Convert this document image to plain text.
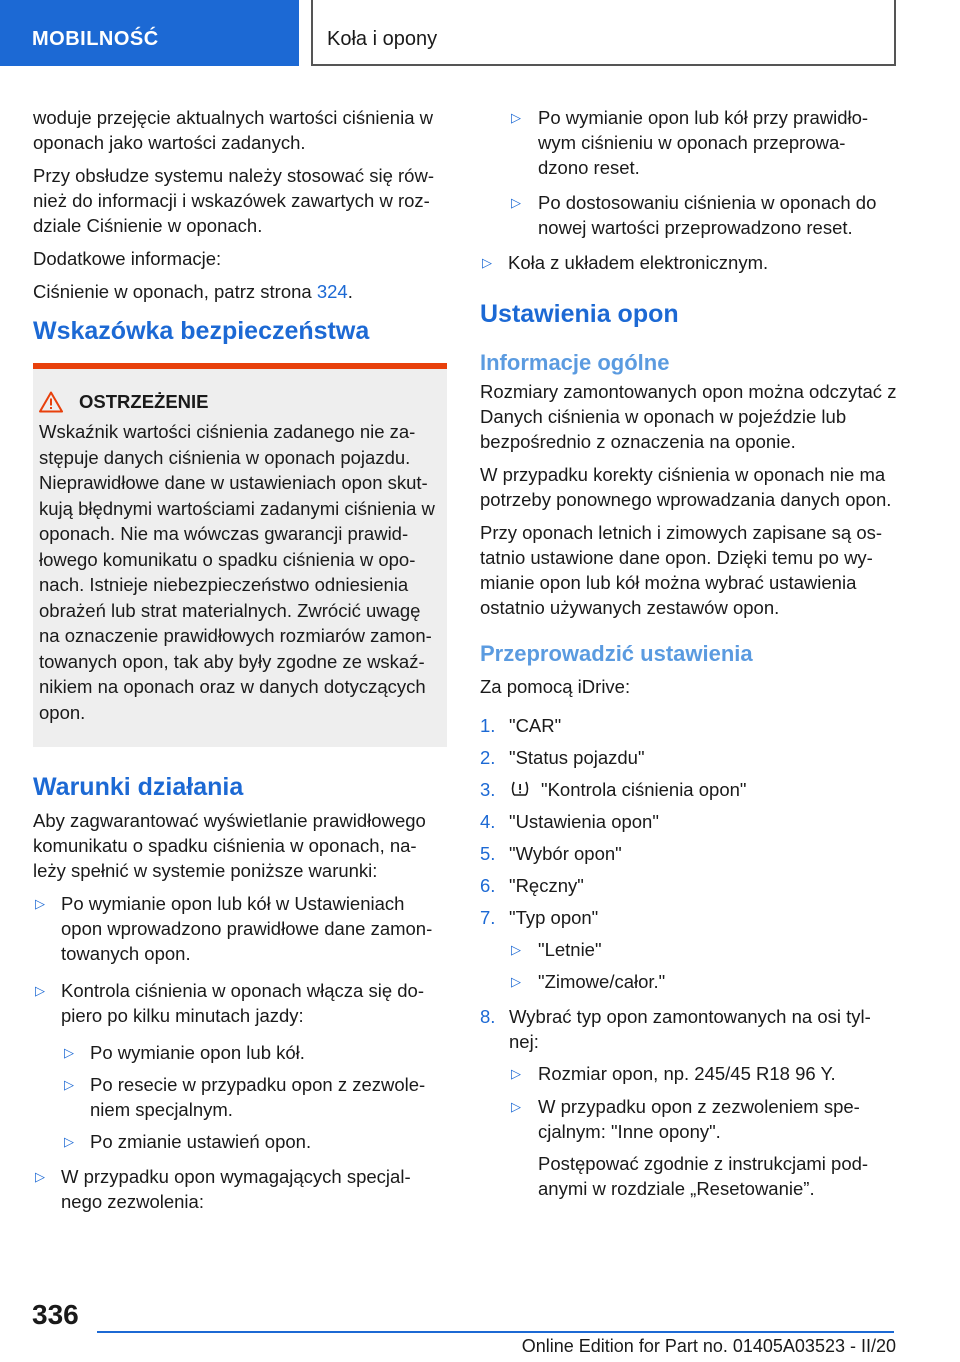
MOBILNOŚĆ	Koła i opony

woduje przejęcie aktualnych wartości ciśnienia w oponach jako wartości zadanych.

Przy obsłudze systemu należy stosować się rów‐ nież do informacji i wskazówek zawartych w roz‐ dziale Ciśnienie w oponach.

Dodatkowe informacje:

Ciśnienie w oponach, patrz strona 324.

Wskazówka bezpieczeństwa
OSTRZEŻENIE

Wskaźnik wartości ciśnienia zadanego nie za‐ stępuje danych ciśnienia w oponach pojazdu. Nieprawidłowe dane w ustawieniach opon skut‐ kują błędnymi wartościami zadanymi ciśnienia w oponach. Nie ma wówczas gwarancji prawid‐ łowego komunikatu o spadku ciśnienia w opo‐ nach. Istnieje niebezpieczeństwo odniesienia obrażeń lub strat materialnych. Zwrócić uwagę na oznaczenie prawidłowych rozmiarów zamon‐ towanych opon, tak aby były zgodne ze wskaź‐ nikiem na oponach oraz w danych dotyczących opon.

Warunki działania

Aby zagwarantować wyświetlanie prawidłowego komunikatu o spadku ciśnienia w oponach, na‐ leży spełnić w systemie poniższe warunki:

▷ Po wymianie opon lub kół w Ustawieniach opon wprowadzono prawidłowe dane zamon‐ towanych opon.
▷ Kontrola ciśnienia w oponach włącza się do‐ piero po kilku minutach jazdy:
▷ Po wymianie opon lub kół.
▷ Po resecie w przypadku opon z zezwole‐ niem specjalnym.
▷ Po zmianie ustawień opon.
▷ W przypadku opon wymagających specjal‐ nego zezwolenia:
▷ Po wymianie opon lub kół przy prawidło‐ wym ciśnieniu w oponach przeprowa‐ dzono reset.
▷ Po dostosowaniu ciśnienia w oponach do nowej wartości przeprowadzono reset.
▷ Koła z układem elektronicznym.
Ustawienia opon
Informacje ogólne

Rozmiary zamontowanych opon można odczytać z Danych ciśnienia w oponach w pojeździe lub bezpośrednio z oznaczenia na oponie.

W przypadku korekty ciśnienia w oponach nie ma potrzeby ponownego wprowadzania danych opon.

Przy oponach letnich i zimowych zapisane są os‐ tatnio ustawione dane opon. Dzięki temu po wy‐ mianie opon lub kół można wybrać ustawienia ostatnio używanych zestawów opon.

Przeprowadzić ustawienia

Za pomocą iDrive:

1. "CAR"
2. "Status pojazdu"
3. "Kontrola ciśnienia opon"
4. "Ustawienia opon"
5. "Wybór opon"
6. "Ręczny"
7. "Typ opon"
▷ "Letnie"
▷ "Zimowe/całor."
8. Wybrać typ opon zamontowanych na osi tyl‐ nej:
▷ Rozmiar opon, np. 245/45 R18 96 Y.
▷ W przypadku opon z zezwoleniem spe‐ cjalnym: "Inne opony".

Postępować zgodnie z instrukcjami pod‐ anymi w rozdziale „Resetowanie”.

336
Online Edition for Part no. 01405A03523 - II/20
